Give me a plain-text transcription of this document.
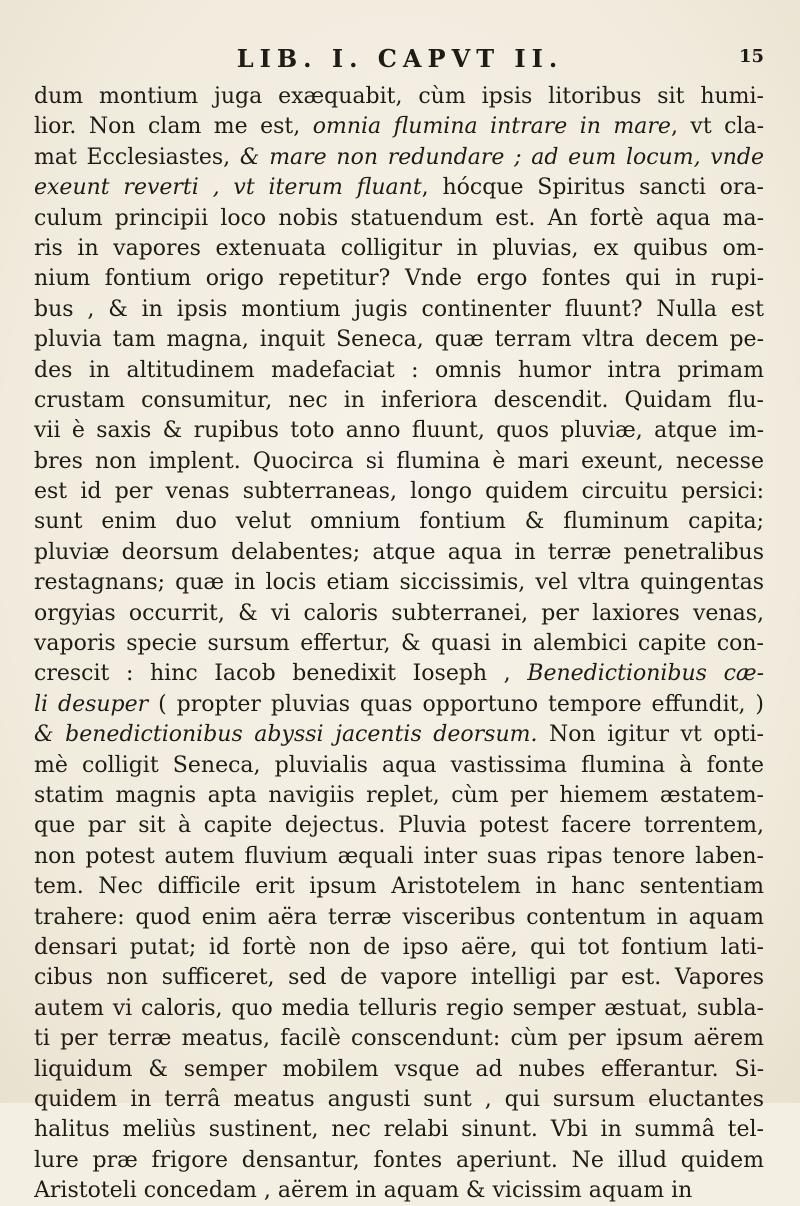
LIB. I. CAPVT II.	15
dum montium juga exæquabit, cùm ipsis litoribus sit humi-
lior. Non clam me est, omnia flumina intrare in mare, vt cla-
mat Ecclesiastes, & mare non redundare ; ad eum locum, vnde
exeunt reverti , vt iterum fluant, hócque Spiritus sancti ora-
culum principii loco nobis statuendum est. An fortè aqua ma-
ris in vapores extenuata colligitur in pluvias, ex quibus om-
nium fontium origo repetitur? Vnde ergo fontes qui in rupi-
bus , & in ipsis montium jugis continenter fluunt? Nulla est
pluvia tam magna, inquit Seneca, quæ terram vltra decem pe-
des in altitudinem madefaciat : omnis humor intra primam
crustam consumitur, nec in inferiora descendit. Quidam flu-
vii è saxis & rupibus toto anno fluunt, quos pluviæ, atque im-
bres non implent. Quocirca si flumina è mari exeunt, necesse
est id per venas subterraneas, longo quidem circuitu persici:
sunt enim duo velut omnium fontium & fluminum capita;
pluviæ deorsum delabentes; atque aqua in terræ penetralibus
restagnans; quæ in locis etiam siccissimis, vel vltra quingentas
orgyias occurrit, & vi caloris subterranei, per laxiores venas,
vaporis specie sursum effertur, & quasi in alembici capite con-
crescit : hinc Iacob benedixit Ioseph , Benedictionibus cæ-
li desuper ( propter pluvias quas opportuno tempore effundit, )
& benedictionibus abyssi jacentis deorsum. Non igitur vt opti-
mè colligit Seneca, pluvialis aqua vastissima flumina à fonte
statim magnis apta navigiis replet, cùm per hiemem æstatem-
que par sit à capite dejectus. Pluvia potest facere torrentem,
non potest autem fluvium æquali inter suas ripas tenore laben-
tem. Nec difficile erit ipsum Aristotelem in hanc sententiam
trahere: quod enim aëra terræ visceribus contentum in aquam
densari putat; id fortè non de ipso aëre, qui tot fontium lati-
cibus non sufficeret, sed de vapore intelligi par est. Vapores
autem vi caloris, quo media telluris regio semper æstuat, subla-
ti per terræ meatus, facilè conscendunt: cùm per ipsum aërem
liquidum & semper mobilem vsque ad nubes efferantur. Si-
quidem in terrâ meatus angusti sunt , qui sursum eluctantes
halitus meliùs sustinent, nec relabi sinunt. Vbi in summâ tel-
lure præ frigore densantur, fontes aperiunt. Ne illud quidem
Aristoteli concedam , aërem in aquam & vicissim aquam in
